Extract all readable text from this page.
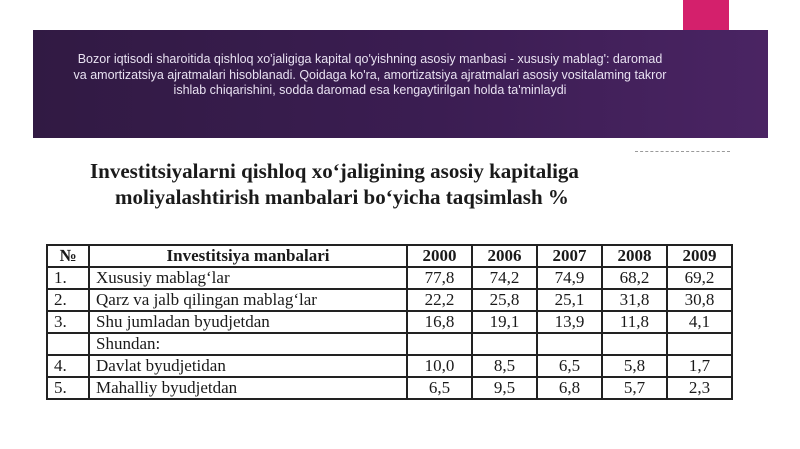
Bozor iqtisodi sharoitida qishloq xo'jaligiga kapital qo'yishning asosiy manbasi - xususiy mablag': daromad va amortizatsiya ajratmalari hisoblanadi. Qoidaga ko'ra, amortizatsiya ajratmalari asosiy vositalaming takror ishlab chiqarishini, sodda daromad esa kengaytirilgan holda ta'minlaydi
Investitsiyalarni qishloq xo‘jaligining asosiy kapitaliga

moliyalashtirish manbalari bo‘yicha taqsimlash %
№	Investitsiya manbalari	2000	2006	2007	2008	2009
1.	Xususiy mablag‘lar	77,8	74,2	74,9	68,2	69,2
2.	Qarz va jalb qilingan mablag‘lar	22,2	25,8	25,1	31,8	30,8
3.	Shu jumladan byudjetdan	16,8	19,1	13,9	11,8	4,1
	Shundan:					
4.	Davlat byudjetidan	10,0	8,5	6,5	5,8	1,7
5.	Mahalliy byudjetdan	6,5	9,5	6,8	5,7	2,3
